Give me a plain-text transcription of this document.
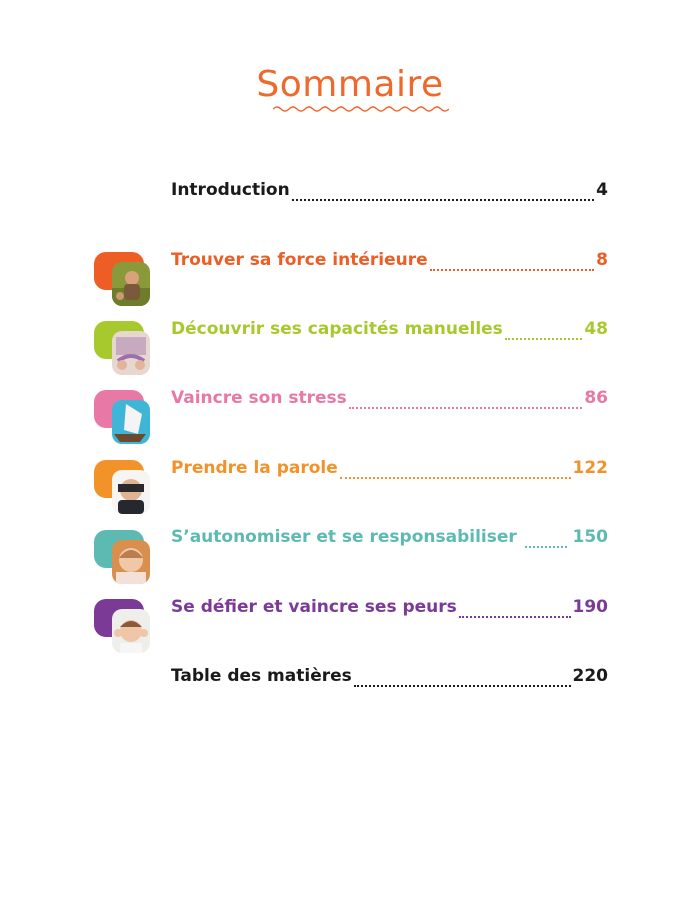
Sommaire
Introduction	4
Trouver sa force intérieure	8
Découvrir ses capacités manuelles	48
Vaincre son stress	86
Prendre la parole	122
S’autonomiser et se responsabiliser	150
Se défier et vaincre ses peurs	190
Table des matières	220
